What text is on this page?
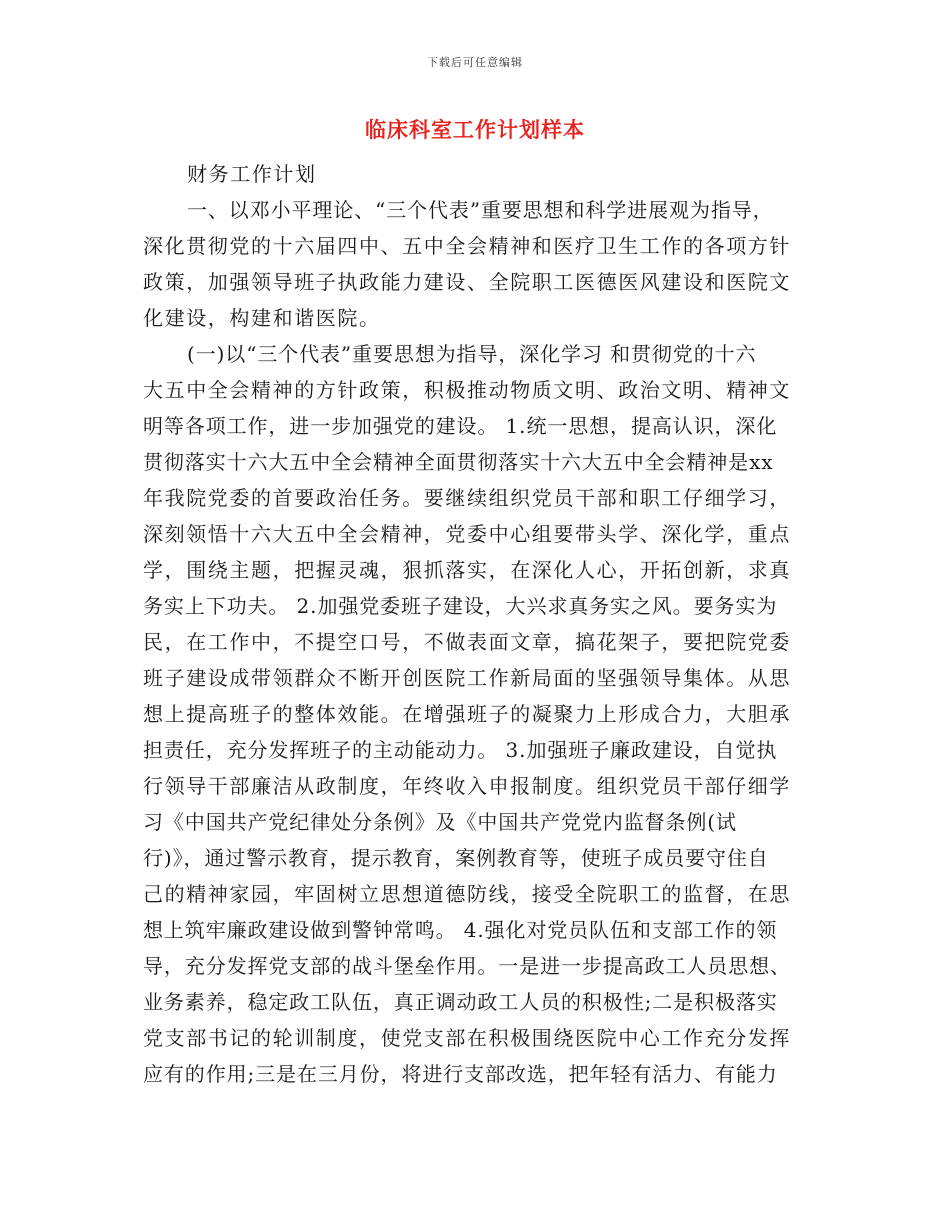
下载后可任意编辑
临床科室工作计划样本
财务工作计划
一、以邓小平理论、“三个代表”重要思想和科学进展观为指导，
深化贯彻党的十六届四中、五中全会精神和医疗卫生工作的各项方针
政策，加强领导班子执政能力建设、全院职工医德医风建设和医院文
化建设，构建和谐医院。
(一)以“三个代表”重要思想为指导，深化学习 和贯彻党的十六
大五中全会精神的方针政策，积极推动物质文明、政治文明、精神文
明等各项工作，进一步加强党的建设。 1.统一思想，提高认识，深化
贯彻落实十六大五中全会精神全面贯彻落实十六大五中全会精神是xx
年我院党委的首要政治任务。要继续组织党员干部和职工仔细学习，
深刻领悟十六大五中全会精神，党委中心组要带头学、深化学，重点
学，围绕主题，把握灵魂，狠抓落实，在深化人心，开拓创新，求真
务实上下功夫。 2.加强党委班子建设，大兴求真务实之风。要务实为
民，在工作中，不提空口号，不做表面文章，搞花架子，要把院党委
班子建设成带领群众不断开创医院工作新局面的坚强领导集体。从思
想上提高班子的整体效能。在增强班子的凝聚力上形成合力，大胆承
担责任，充分发挥班子的主动能动力。 3.加强班子廉政建设，自觉执
行领导干部廉洁从政制度，年终收入申报制度。组织党员干部仔细学
习《中国共产党纪律处分条例》及《中国共产党党内监督条例(试
行)》，通过警示教育，提示教育，案例教育等，使班子成员要守住自
己的精神家园，牢固树立思想道德防线，接受全院职工的监督，在思
想上筑牢廉政建设做到警钟常鸣。 4.强化对党员队伍和支部工作的领
导，充分发挥党支部的战斗堡垒作用。一是进一步提高政工人员思想、
业务素养，稳定政工队伍，真正调动政工人员的积极性;二是积极落实
党支部书记的轮训制度，使党支部在积极围绕医院中心工作充分发挥
应有的作用;三是在三月份，将进行支部改选，把年轻有活力、有能力
